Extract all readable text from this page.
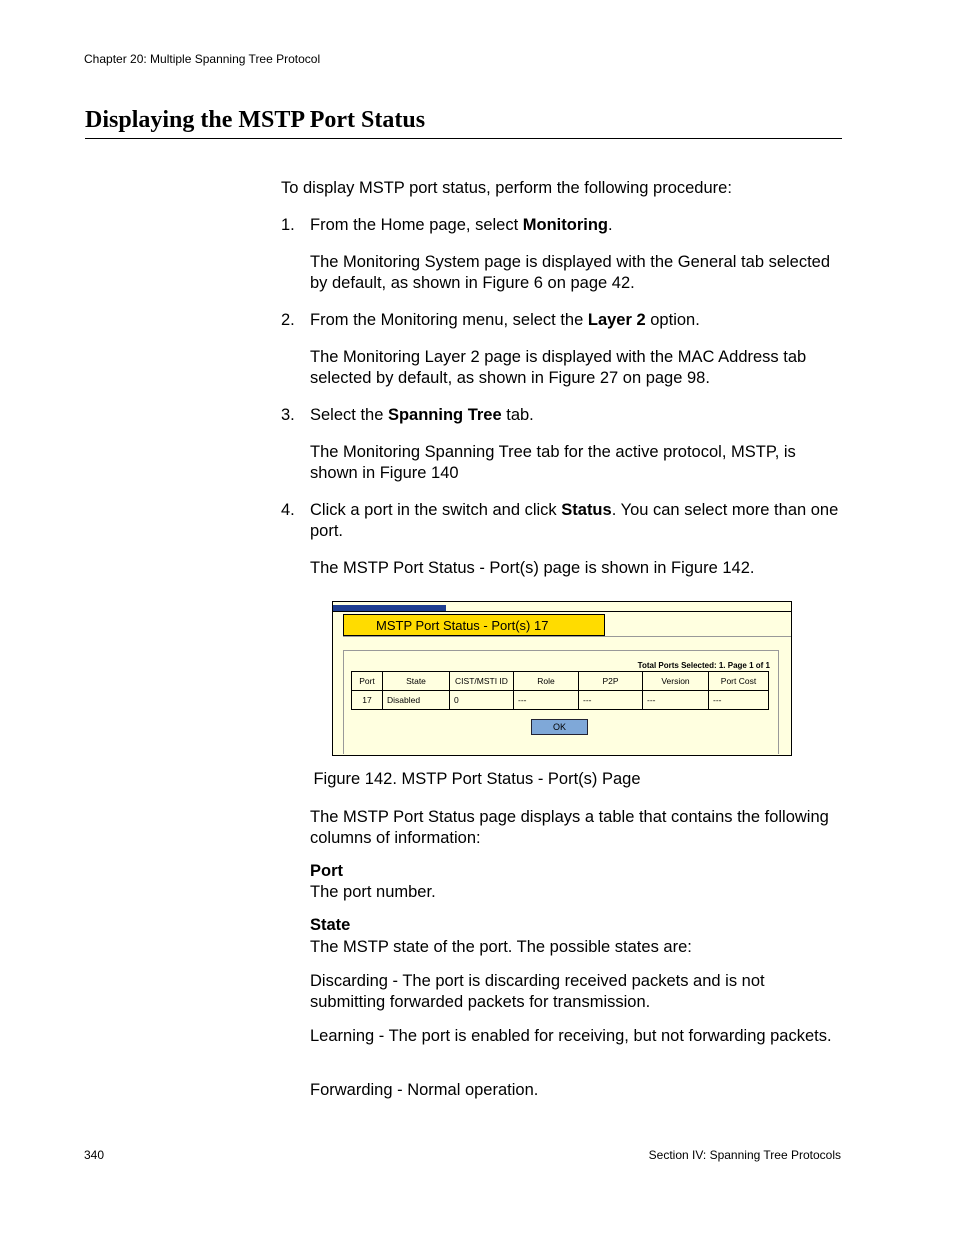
Chapter 20: Multiple Spanning Tree Protocol
Displaying the MSTP Port Status
To display MSTP port status, perform the following procedure:
1. From the Home page, select Monitoring.
The Monitoring System page is displayed with the General tab selected by default, as shown in Figure 6 on page 42.
2. From the Monitoring menu, select the Layer 2 option.
The Monitoring Layer 2 page is displayed with the MAC Address tab selected by default, as shown in Figure 27 on page 98.
3. Select the Spanning Tree tab.
The Monitoring Spanning Tree tab for the active protocol, MSTP, is shown in Figure 140
4. Click a port in the switch and click Status. You can select more than one port.
The MSTP Port Status - Port(s) page is shown in Figure 142.
MSTP Port Status - Port(s) 17
Total Ports Selected: 1. Page 1 of 1
Port	State	CIST/MSTI ID	Role	P2P	Version	Port Cost
17	Disabled	0	---	---	---	---
OK
Figure 142. MSTP Port Status - Port(s) Page
The MSTP Port Status page displays a table that contains the following columns of information:
Port
The port number.
State
The MSTP state of the port. The possible states are:
Discarding - The port is discarding received packets and is not submitting forwarded packets for transmission.
Learning - The port is enabled for receiving, but not forwarding packets.
Forwarding - Normal operation.
340	Section IV: Spanning Tree Protocols
